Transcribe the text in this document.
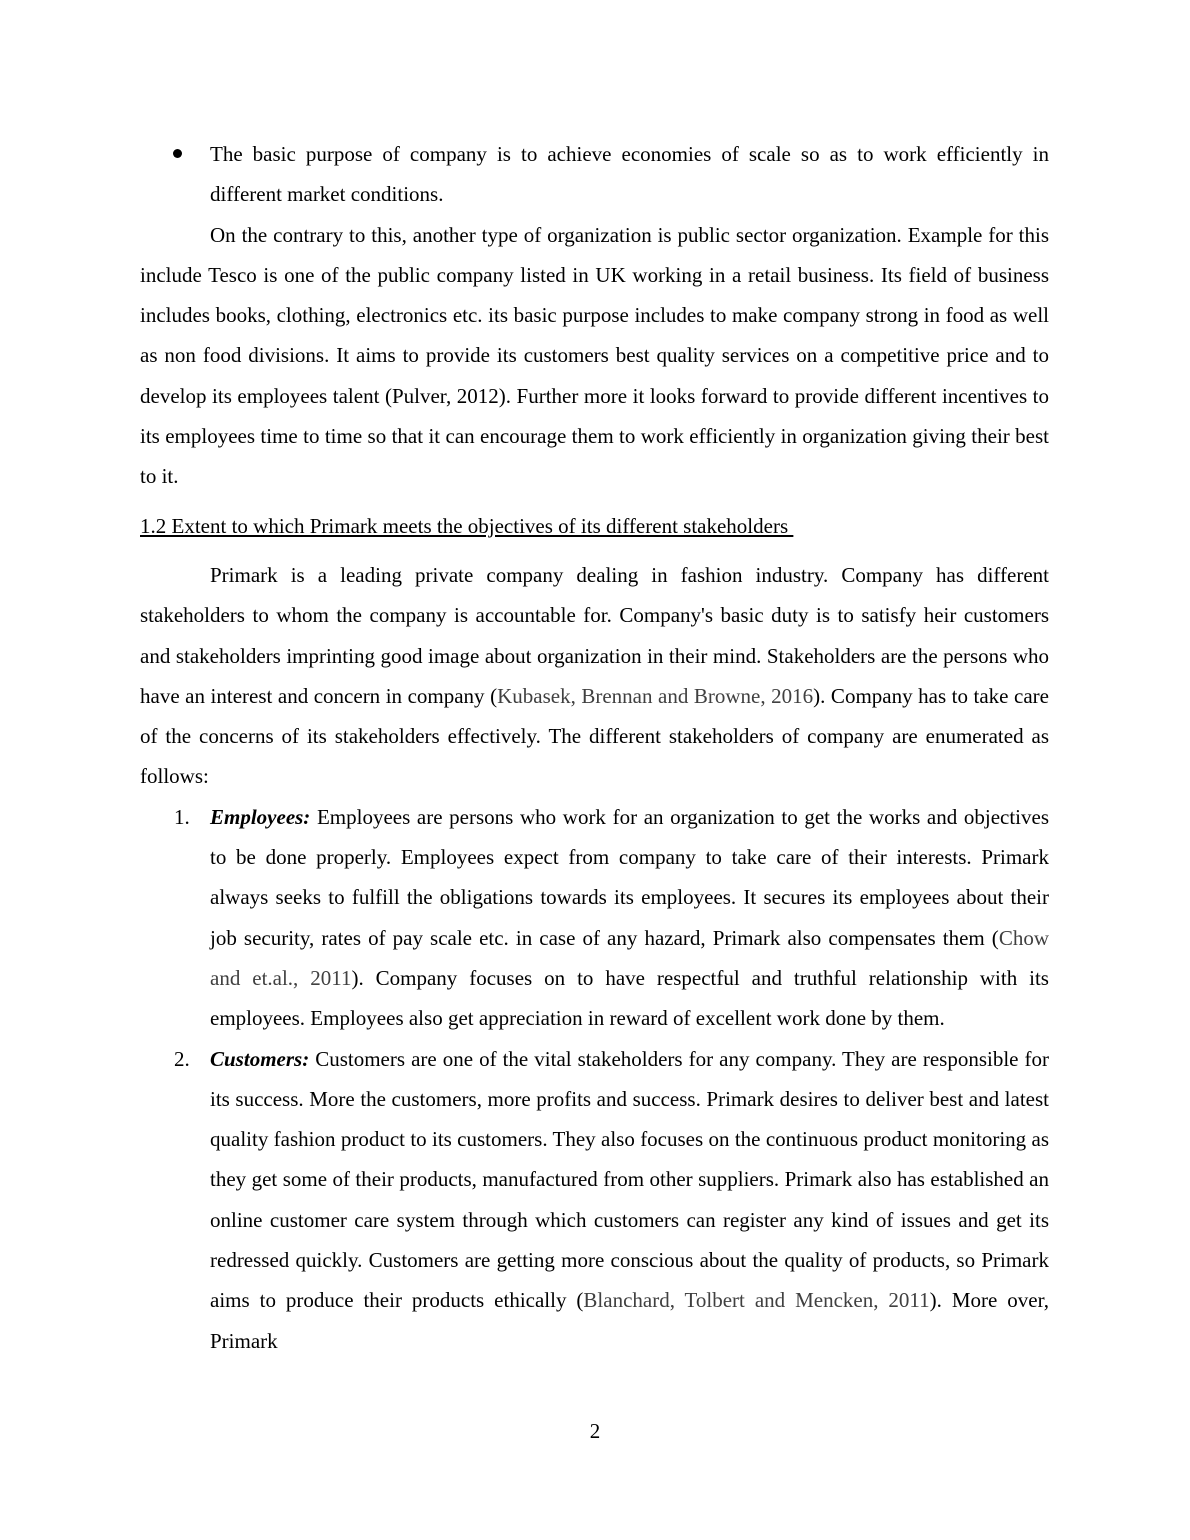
The basic purpose of company is to achieve economies of scale so as to work efficiently in different market conditions.

On the contrary to this, another type of organization is public sector organization. Example for this include Tesco is one of the public company listed in UK working in a retail business. Its field of business includes books, clothing, electronics etc. its basic purpose includes to make company strong in food as well as non food divisions. It aims to provide its customers best quality services on a competitive price and to develop its employees talent (Pulver, 2012). Further more it looks forward to provide different incentives to its employees time to time so that it can encourage them to work efficiently in organization giving their best to it.

1.2 Extent to which Primark meets the objectives of its different stakeholders

Primark is a leading private company dealing in fashion industry. Company has different stakeholders to whom the company is accountable for. Company's basic duty is to satisfy heir customers and stakeholders imprinting good image about organization in their mind. Stakeholders are the persons who have an interest and concern in company (Kubasek, Brennan and Browne, 2016). Company has to take care of the concerns of its stakeholders effectively. The different stakeholders of company are enumerated as follows:

1. Employees: Employees are persons who work for an organization to get the works and objectives to be done properly. Employees expect from company to take care of their interests. Primark always seeks to fulfill the obligations towards its employees. It secures its employees about their job security, rates of pay scale etc. in case of any hazard, Primark also compensates them (Chow and et.al., 2011). Company focuses on to have respectful and truthful relationship with its employees. Employees also get appreciation in reward of excellent work done by them.
2. Customers: Customers are one of the vital stakeholders for any company. They are responsible for its success. More the customers, more profits and success. Primark desires to deliver best and latest quality fashion product to its customers. They also focuses on the continuous product monitoring as they get some of their products, manufactured from other suppliers. Primark also has established an online customer care system through which customers can register any kind of issues and get its redressed quickly. Customers are getting more conscious about the quality of products, so Primark aims to produce their products ethically (Blanchard, Tolbert and Mencken, 2011). More over, Primark
2
